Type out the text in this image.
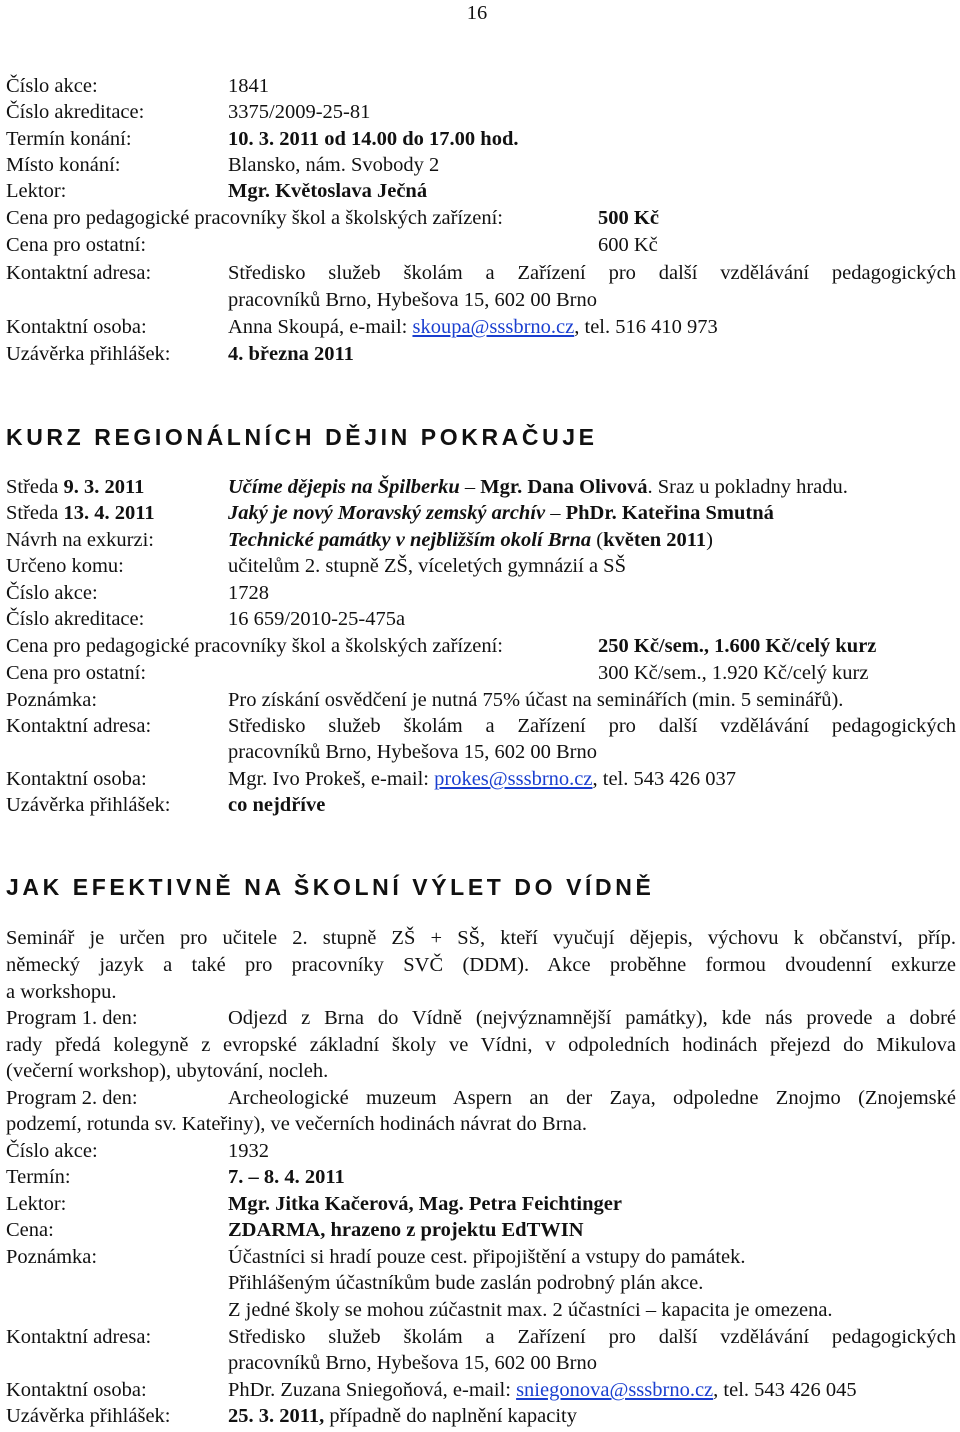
16
Číslo akce:	1841
Číslo akreditace:	3375/2009-25-81
Termín konání:	10. 3. 2011 od 14.00 do 17.00 hod.
Místo konání:	Blansko, nám. Svobody 2
Lektor:	Mgr. Květoslava Ječná
Cena pro pedagogické pracovníky škol a školských zařízení:	500 Kč
Cena pro ostatní:	600 Kč
Kontaktní adresa:	Středisko služeb školám a Zařízení pro další vzdělávání pedagogických
pracovníků Brno, Hybešova 15, 602 00 Brno
Kontaktní osoba:	Anna Skoupá, e-mail: skoupa@sssbrno.cz, tel. 516 410 973
Uzávěrka přihlášek:	4. března 2011
KURZ REGIONÁLNÍCH DĚJIN POKRAČUJE
Středa 9. 3. 2011	Učíme dějepis na Špilberku – Mgr. Dana Olivová. Sraz u pokladny hradu.
Středa 13. 4. 2011	Jaký je nový Moravský zemský archív – PhDr. Kateřina Smutná
Návrh na exkurzi:	Technické památky v nejbližším okolí Brna (květen 2011)
Určeno komu:	učitelům 2. stupně ZŠ, víceletých gymnázií a SŠ
Číslo akce:	1728
Číslo akreditace:	16 659/2010-25-475a
Cena pro pedagogické pracovníky škol a školských zařízení:	250 Kč/sem., 1.600 Kč/celý kurz
Cena pro ostatní:	300 Kč/sem., 1.920 Kč/celý kurz
Poznámka:	Pro získání osvědčení je nutná 75% účast na seminářích (min. 5 seminářů).
Kontaktní adresa:	Středisko služeb školám a Zařízení pro další vzdělávání pedagogických
pracovníků Brno, Hybešova 15, 602 00 Brno
Kontaktní osoba:	Mgr. Ivo Prokeš, e-mail: prokes@sssbrno.cz, tel. 543 426 037
Uzávěrka přihlášek:	co nejdříve
JAK EFEKTIVNĚ NA ŠKOLNÍ VÝLET DO VÍDNĚ
Seminář je určen pro učitele 2. stupně ZŠ + SŠ, kteří vyučují dějepis, výchovu k občanství, příp.
německý jazyk a také pro pracovníky SVČ (DDM). Akce proběhne formou dvoudenní exkurze
a workshopu.
Program 1. den:	Odjezd z Brna do Vídně (nejvýznamnější památky), kde nás provede a dobré
rady předá kolegyně z evropské základní školy ve Vídni, v odpoledních hodinách přejezd do Mikulova
(večerní workshop), ubytování, nocleh.
Program 2. den:	Archeologické muzeum Aspern an der Zaya, odpoledne Znojmo (Znojemské
podzemí, rotunda sv. Kateřiny), ve večerních hodinách návrat do Brna.
Číslo akce:	1932
Termín:	7. – 8. 4. 2011
Lektor:	Mgr. Jitka Kačerová, Mag. Petra Feichtinger
Cena:	ZDARMA, hrazeno z projektu EdTWIN
Poznámka:	Účastníci si hradí pouze cest. připojištění a vstupy do památek.
Přihlášeným účastníkům bude zaslán podrobný plán akce.
Z jedné školy se mohou zúčastnit max. 2 účastníci – kapacita je omezena.
Kontaktní adresa:	Středisko služeb školám a Zařízení pro další vzdělávání pedagogických
pracovníků Brno, Hybešova 15, 602 00 Brno
Kontaktní osoba:	PhDr. Zuzana Sniegoňová, e-mail: sniegonova@sssbrno.cz, tel. 543 426 045
Uzávěrka přihlášek:	25. 3. 2011, případně do naplnění kapacity
